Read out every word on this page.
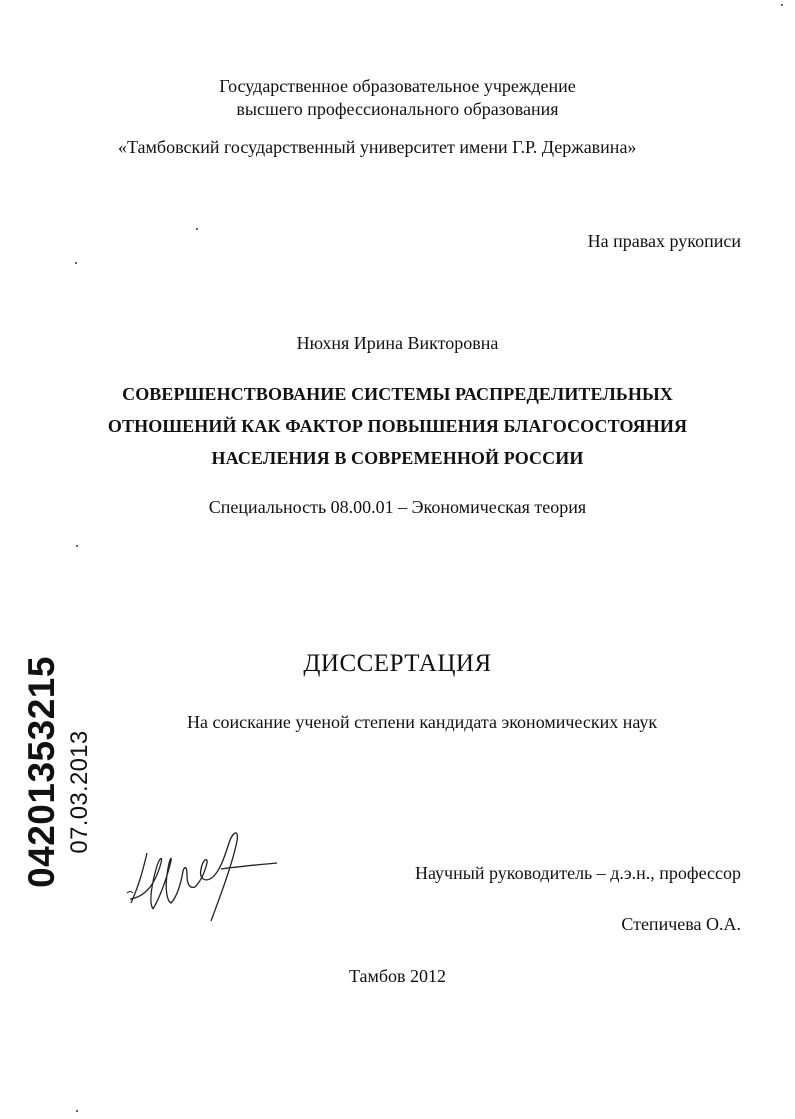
Государственное образовательное учреждение
высшего профессионального образования
«Тамбовский государственный университет имени Г.Р. Державина»
На правах рукописи
Нюхня Ирина Викторовна
СОВЕРШЕНСТВОВАНИЕ СИСТЕМЫ РАСПРЕДЕЛИТЕЛЬНЫХ
ОТНОШЕНИЙ КАК ФАКТОР ПОВЫШЕНИЯ БЛАГОСОСТОЯНИЯ
НАСЕЛЕНИЯ В СОВРЕМЕННОЙ РОССИИ
Специальность 08.00.01 – Экономическая теория
ДИССЕРТАЦИЯ
На соискание ученой степени кандидата экономических наук
Научный руководитель – д.э.н., профессор
Степичева О.А.
Тамбов 2012
04201353215 07.03.2013
